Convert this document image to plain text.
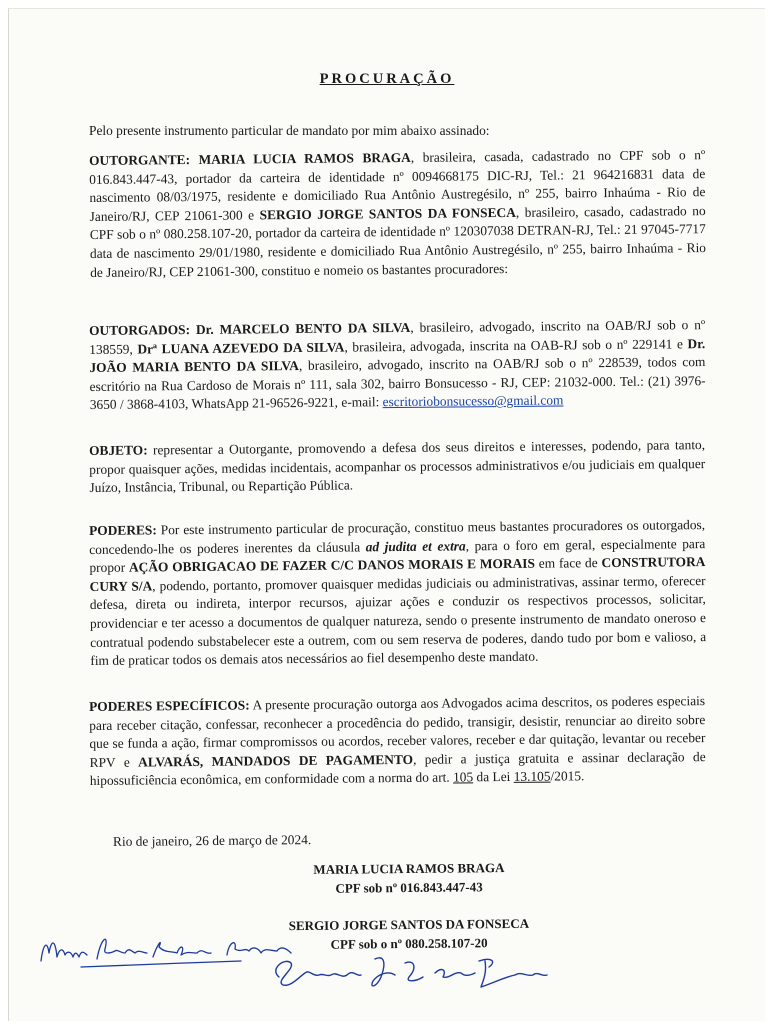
PROCURAÇÃO
Pelo presente instrumento particular de mandato por mim abaixo assinado:
OUTORGANTE: MARIA LUCIA RAMOS BRAGA, brasileira, casada, cadastrado no CPF sob o nº 016.843.447-43, portador da carteira de identidade nº 0094668175 DIC-RJ, Tel.: 21 964216831 data de nascimento 08/03/1975, residente e domiciliado Rua Antônio Austregésilo, nº 255, bairro Inhaúma - Rio de Janeiro/RJ, CEP 21061-300 e SERGIO JORGE SANTOS DA FONSECA, brasileiro, casado, cadastrado no CPF sob o nº 080.258.107-20, portador da carteira de identidade nº 120307038 DETRAN-RJ, Tel.: 21 97045-7717 data de nascimento 29/01/1980, residente e domiciliado Rua Antônio Austregésilo, nº 255, bairro Inhaúma - Rio de Janeiro/RJ, CEP 21061-300, constituo e nomeio os bastantes procuradores:
OUTORGADOS: Dr. MARCELO BENTO DA SILVA, brasileiro, advogado, inscrito na OAB/RJ sob o nº 138559, Drª LUANA AZEVEDO DA SILVA, brasileira, advogada, inscrita na OAB-RJ sob o nº 229141 e Dr. JOÃO MARIA BENTO DA SILVA, brasileiro, advogado, inscrito na OAB/RJ sob o nº 228539, todos com escritório na Rua Cardoso de Morais nº 111, sala 302, bairro Bonsucesso - RJ, CEP: 21032-000. Tel.: (21) 3976-3650 / 3868-4103, WhatsApp 21-96526-9221, e-mail: escritoriobonsucesso@gmail.com
OBJETO: representar a Outorgante, promovendo a defesa dos seus direitos e interesses, podendo, para tanto, propor quaisquer ações, medidas incidentais, acompanhar os processos administrativos e/ou judiciais em qualquer Juízo, Instância, Tribunal, ou Repartição Pública.
PODERES: Por este instrumento particular de procuração, constituo meus bastantes procuradores os outorgados, concedendo-lhe os poderes inerentes da cláusula ad judita et extra, para o foro em geral, especialmente para propor AÇÃO OBRIGACAO DE FAZER C/C DANOS MORAIS E MORAIS em face de CONSTRUTORA CURY S/A, podendo, portanto, promover quaisquer medidas judiciais ou administrativas, assinar termo, oferecer defesa, direta ou indireta, interpor recursos, ajuizar ações e conduzir os respectivos processos, solicitar, providenciar e ter acesso a documentos de qualquer natureza, sendo o presente instrumento de mandato oneroso e contratual podendo substabelecer este a outrem, com ou sem reserva de poderes, dando tudo por bom e valioso, a fim de praticar todos os demais atos necessários ao fiel desempenho deste mandato.
PODERES ESPECÍFICOS: A presente procuração outorga aos Advogados acima descritos, os poderes especiais para receber citação, confessar, reconhecer a procedência do pedido, transigir, desistir, renunciar ao direito sobre que se funda a ação, firmar compromissos ou acordos, receber valores, receber e dar quitação, levantar ou receber RPV e ALVARÁS, MANDADOS DE PAGAMENTO, pedir a justiça gratuita e assinar declaração de hipossuficiência econômica, em conformidade com a norma do art. 105 da Lei 13.105/2015.
Rio de janeiro, 26 de março de 2024.
MARIA LUCIA RAMOS BRAGA
CPF sob nº 016.843.447-43
SERGIO JORGE SANTOS DA FONSECA
CPF sob o nº 080.258.107-20
